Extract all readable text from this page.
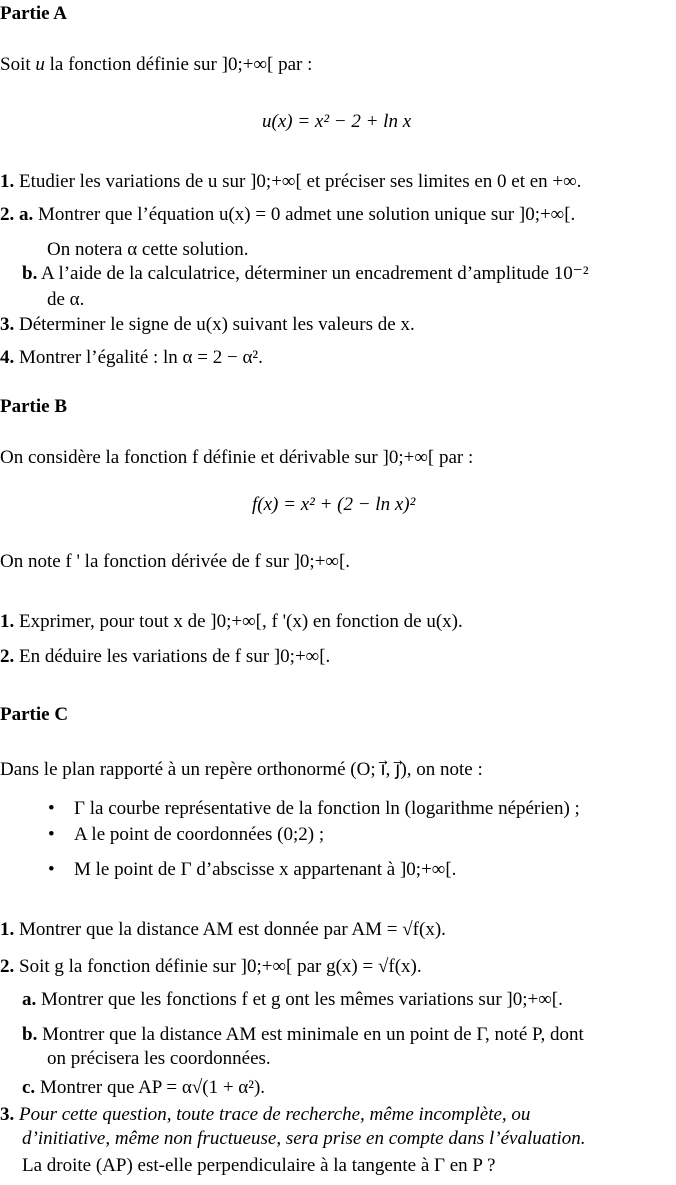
Partie A
Soit u la fonction définie sur ]0;+∞[ par :
u(x) = x² − 2 + ln x
1. Etudier les variations de u sur ]0;+∞[ et préciser ses limites en 0 et en +∞.
2. a. Montrer que l’équation u(x) = 0 admet une solution unique sur ]0;+∞[.
On notera α cette solution.
b. A l’aide de la calculatrice, déterminer un encadrement d’amplitude 10⁻²
de α.
3. Déterminer le signe de u(x) suivant les valeurs de x.
4. Montrer l’égalité : ln α = 2 − α².
Partie B
On considère la fonction f définie et dérivable sur ]0;+∞[ par :
f(x) = x² + (2 − ln x)²
On note f ' la fonction dérivée de f sur ]0;+∞[.
1. Exprimer, pour tout x de ]0;+∞[, f '(x) en fonction de u(x).
2. En déduire les variations de f sur ]0;+∞[.
Partie C
Dans le plan rapporté à un repère orthonormé (O; i⃗, j⃗), on note :
• Γ la courbe représentative de la fonction ln (logarithme népérien) ;
• A le point de coordonnées (0;2) ;
• M le point de Γ d’abscisse x appartenant à ]0;+∞[.
1. Montrer que la distance AM est donnée par AM = √f(x).
2. Soit g la fonction définie sur ]0;+∞[ par g(x) = √f(x).
a. Montrer que les fonctions f et g ont les mêmes variations sur ]0;+∞[.
b. Montrer que la distance AM est minimale en un point de Γ, noté P, dont
on précisera les coordonnées.
c. Montrer que AP = α√(1 + α²).
3. Pour cette question, toute trace de recherche, même incomplète, ou
d’initiative, même non fructueuse, sera prise en compte dans l’évaluation.
La droite (AP) est-elle perpendiculaire à la tangente à Γ en P ?
